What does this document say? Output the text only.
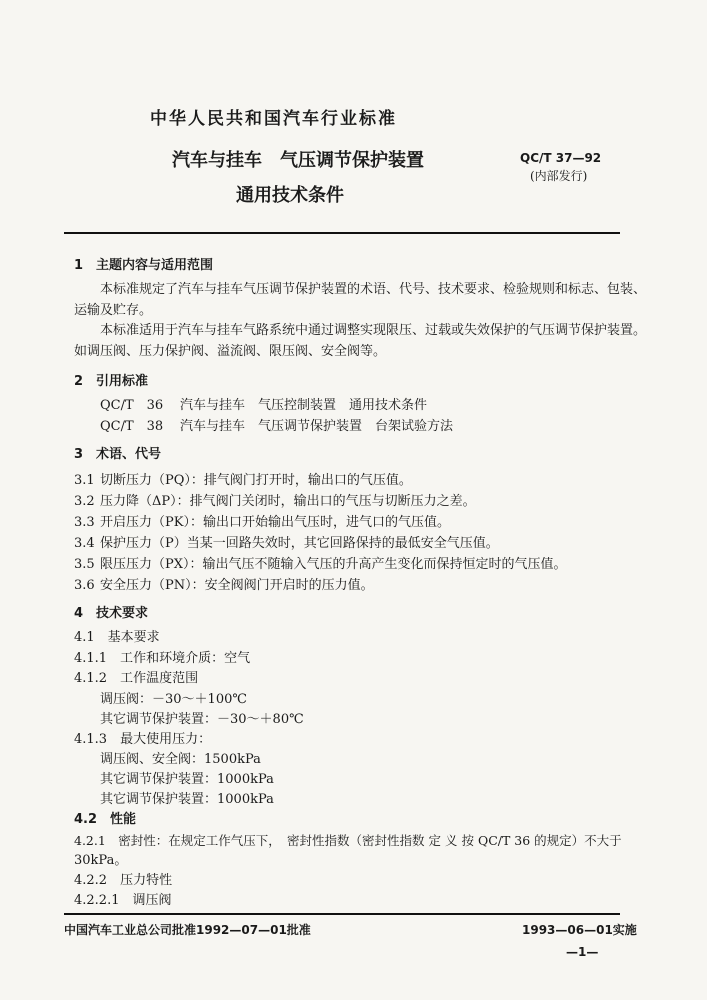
中华人民共和国汽车行业标准
汽车与挂车　气压调节保护装置
通用技术条件
QC/T 37—92
(内部发行)
1　主题内容与适用范围
本标准规定了汽车与挂车气压调节保护装置的术语、代号、技术要求、检验规则和标志、包装、
运输及贮存。
本标准适用于汽车与挂车气路系统中通过调整实现限压、过载或失效保护的气压调节保护装置。
如调压阀、压力保护阀、溢流阀、限压阀、安全阀等。
2　引用标准
QC/T　36 汽车与挂车　气压控制装置　通用技术条件
QC/T　38 汽车与挂车　气压调节保护装置　台架试验方法
3　术语、代号
3.1 切断压力（PQ）：排气阀门打开时，输出口的气压值。
3.2 压力降（ΔP）：排气阀门关闭时，输出口的气压与切断压力之差。
3.3 开启压力（PK）：输出口开始输出气压时，进气口的气压值。
3.4 保护压力（P）当某一回路失效时，其它回路保持的最低安全气压值。
3.5 限压压力（PX）：输出气压不随输入气压的升高产生变化而保持恒定时的气压值。
3.6 安全压力（PN）：安全阀阀门开启时的压力值。
4　技术要求
4.1　基本要求
4.1.1　工作和环境介质：空气
4.1.2　工作温度范围
调压阀：－30～＋100℃
其它调节保护装置：－30～＋80℃
4.1.3　最大使用压力：
调压阀、安全阀：1500kPa
其它调节保护装置：1000kPa
其它调节保护装置：1000kPa
4.2　性能
4.2.1　密封性：在规定工作气压下，　密封性指数（密封性指数 定 义 按 QC/T 36 的规定）不大于
30kPa。
4.2.2　压力特性
4.2.2.1　调压阀
中国汽车工业总公司批准1992—07—01批准	1993—06—01实施
—1—
